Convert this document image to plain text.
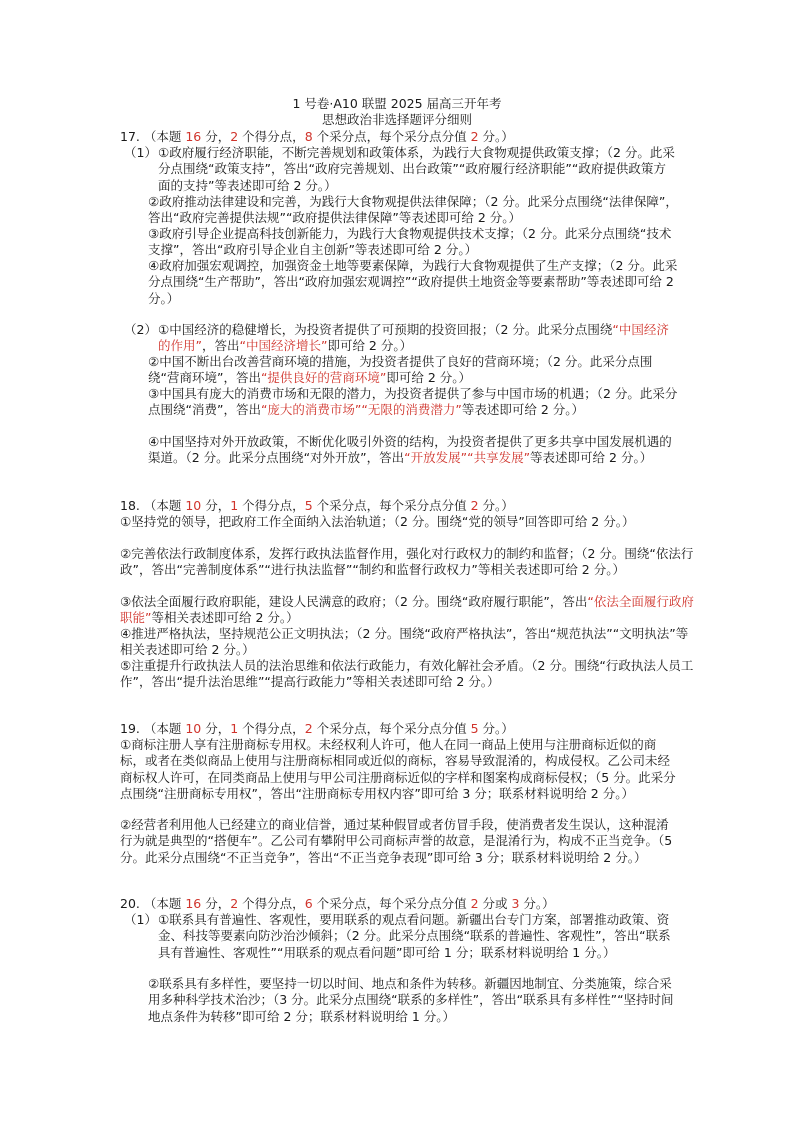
1 号卷·A10 联盟 2025 届高三开年考
思想政治非选择题评分细则
17. （本题 16 分，2 个得分点，8 个采分点，每个采分点分值 2 分。）
（1） ①政府履行经济职能，不断完善规划和政策体系，为践行大食物观提供政策支撑；（2 分。此采分点围绕“政策支持”，答出“政府完善规划、出台政策”“政府履行经济职能”“政府提供政策方面的支持”等表述即可给 2 分。）

②政府推动法律建设和完善，为践行大食物观提供法律保障；（2 分。此采分点围绕“法律保障”，答出“政府完善提供法规”“政府提供法律保障”等表述即可给 2 分。）

③政府引导企业提高科技创新能力，为践行大食物观提供技术支撑；（2 分。此采分点围绕“技术支撑”，答出“政府引导企业自主创新”等表述即可给 2 分。）

④政府加强宏观调控，加强资金土地等要素保障，为践行大食物观提供了生产支撑；（2 分。此采分点围绕“生产帮助”，答出“政府加强宏观调控”“政府提供土地资金等要素帮助”等表述即可给 2 分。）

（2） ①中国经济的稳健增长，为投资者提供了可预期的投资回报；（2 分。此采分点围绕“中国经济的作用”，答出“中国经济增长”即可给 2 分。）

②中国不断出台改善营商环境的措施，为投资者提供了良好的营商环境；（2 分。此采分点围绕“营商环境”，答出“提供良好的营商环境”即可给 2 分。）

③中国具有庞大的消费市场和无限的潜力，为投资者提供了参与中国市场的机遇；（2 分。此采分点围绕“消费”，答出“庞大的消费市场”“无限的消费潜力”等表述即可给 2 分。）

④中国坚持对外开放政策，不断优化吸引外资的结构，为投资者提供了更多共享中国发展机遇的渠道。（2 分。此采分点围绕“对外开放”，答出“开放发展”“共享发展”等表述即可给 2 分。）

18. （本题 10 分，1 个得分点，5 个采分点，每个采分点分值 2 分。）

①坚持党的领导，把政府工作全面纳入法治轨道；（2 分。围绕“党的领导”回答即可给 2 分。）

②完善依法行政制度体系，发挥行政执法监督作用，强化对行政权力的制约和监督；（2 分。围绕“依法行政”，答出“完善制度体系”“进行执法监督”“制约和监督行政权力”等相关表述即可给 2 分。）

③依法全面履行政府职能，建设人民满意的政府；（2 分。围绕“政府履行职能”，答出“依法全面履行政府职能”等相关表述即可给 2 分。）

④推进严格执法，坚持规范公正文明执法；（2 分。围绕“政府严格执法”，答出“规范执法”“文明执法”等相关表述即可给 2 分。）

⑤注重提升行政执法人员的法治思维和依法行政能力，有效化解社会矛盾。（2 分。围绕“行政执法人员工作”，答出“提升法治思维”“提高行政能力”等相关表述即可给 2 分。）

19. （本题 10 分，1 个得分点，2 个采分点，每个采分点分值 5 分。）

①商标注册人享有注册商标专用权。未经权利人许可，他人在同一商品上使用与注册商标近似的商标，或者在类似商品上使用与注册商标相同或近似的商标，容易导致混淆的，构成侵权。乙公司未经商标权人许可，在同类商品上使用与甲公司注册商标近似的字样和图案构成商标侵权；（5 分。此采分点围绕“注册商标专用权”，答出“注册商标专用权内容”即可给 3 分；联系材料说明给 2 分。）

②经营者利用他人已经建立的商业信誉，通过某种假冒或者仿冒手段，使消费者发生误认，这种混淆行为就是典型的“搭便车”。乙公司有攀附甲公司商标声誉的故意，是混淆行为，构成不正当竞争。（5 分。此采分点围绕“不正当竞争”，答出“不正当竞争表现”即可给 3 分；联系材料说明给 2 分。）

20. （本题 16 分，2 个得分点，6 个采分点，每个采分点分值 2 分或 3 分。）
（1） ①联系具有普遍性、客观性，要用联系的观点看问题。新疆出台专门方案，部署推动政策、资金、科技等要素向防沙治沙倾斜；（2 分。此采分点围绕“联系的普遍性、客观性”，答出“联系具有普遍性、客观性”“用联系的观点看问题”即可给 1 分；联系材料说明给 1 分。）

②联系具有多样性，要坚持一切以时间、地点和条件为转移。新疆因地制宜、分类施策，综合采用多种科学技术治沙；（3 分。此采分点围绕“联系的多样性”，答出“联系具有多样性”“坚持时间地点条件为转移”即可给 2 分；联系材料说明给 1 分。）
